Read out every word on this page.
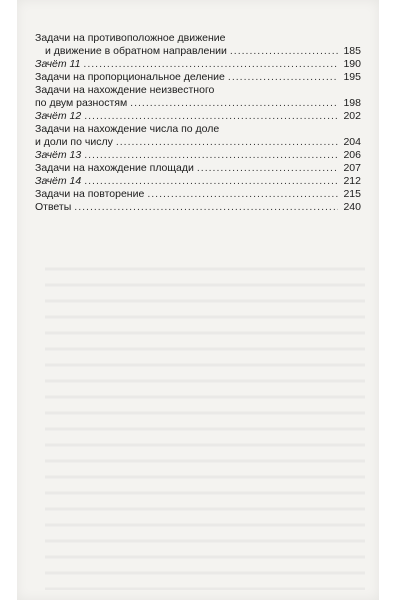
Задачи на противоположное движение
и движение в обратном направлении .....	185
Зачёт 11 .....	190
Задачи на пропорциональное деление .....	195
Задачи на нахождение неизвестного
по двум разностям .....	198
Зачёт 12 .....	202
Задачи на нахождение числа по доле
и доли по числу .....	204
Зачёт 13 .....	206
Задачи на нахождение площади .....	207
Зачёт 14 .....	212
Задачи на повторение .....	215
Ответы .....	240
